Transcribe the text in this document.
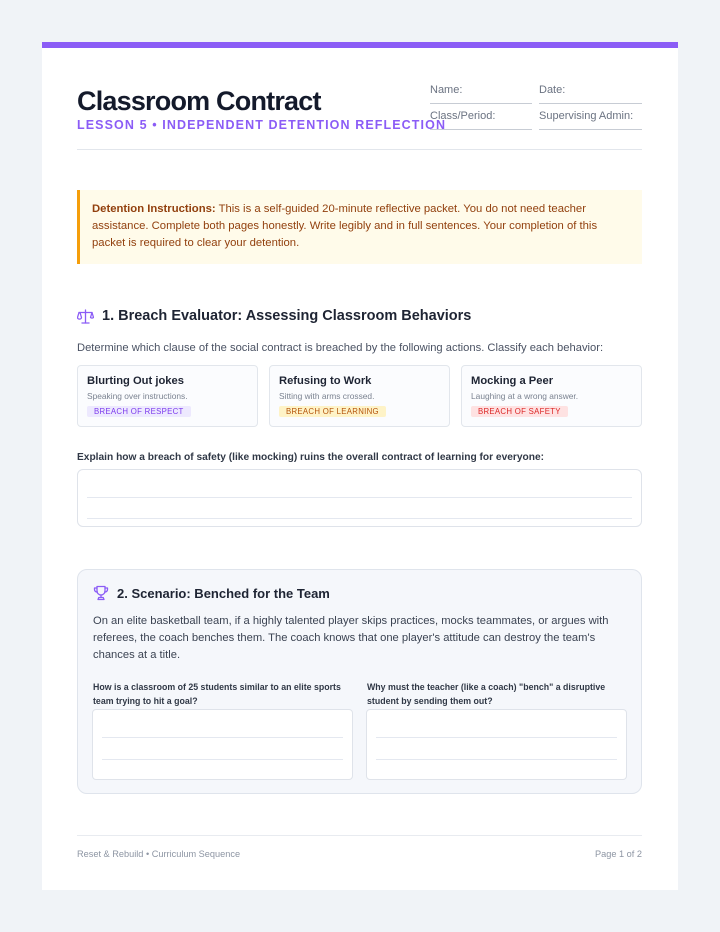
Classroom Contract
LESSON 5 • INDEPENDENT DETENTION REFLECTION
Name:	Date:
Class/Period:	Supervising Admin:
Detention Instructions: This is a self-guided 20-minute reflective packet. You do not need teacher assistance. Complete both pages honestly. Write legibly and in full sentences. Your completion of this packet is required to clear your detention.
1. Breach Evaluator: Assessing Classroom Behaviors
Determine which clause of the social contract is breached by the following actions. Classify each behavior:
Blurting Out jokes
Speaking over instructions.
BREACH OF RESPECT
Refusing to Work
Sitting with arms crossed.
BREACH OF LEARNING
Mocking a Peer
Laughing at a wrong answer.
BREACH OF SAFETY
Explain how a breach of safety (like mocking) ruins the overall contract of learning for everyone:
2. Scenario: Benched for the Team
On an elite basketball team, if a highly talented player skips practices, mocks teammates, or argues with referees, the coach benches them. The coach knows that one player's attitude can destroy the team's chances at a title.
How is a classroom of 25 students similar to an elite sports team trying to hit a goal?
Why must the teacher (like a coach) "bench" a disruptive student by sending them out?
Reset & Rebuild • Curriculum Sequence	Page 1 of 2
